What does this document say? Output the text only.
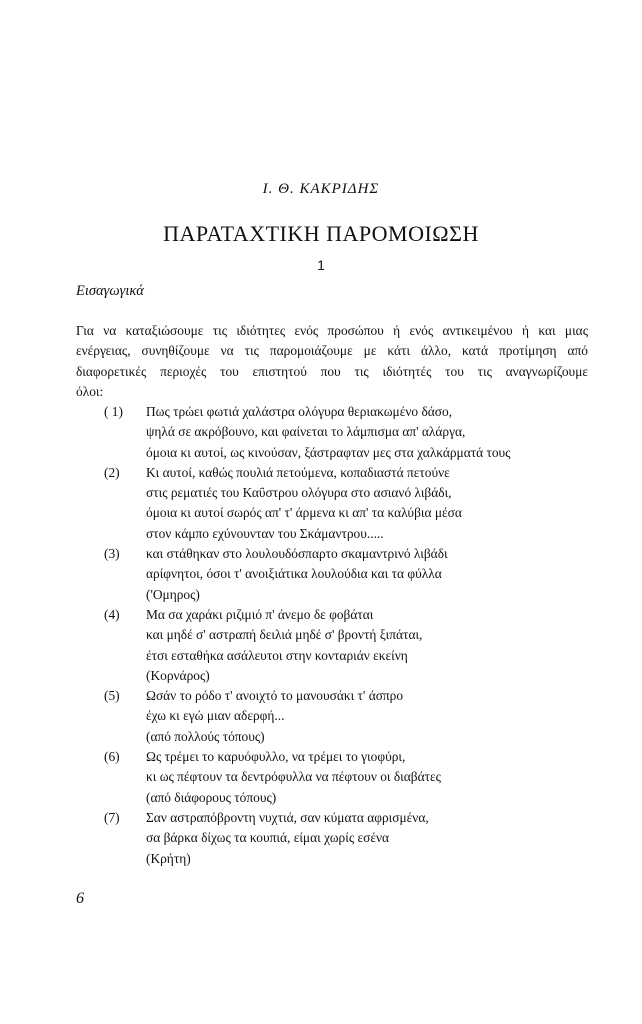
Ι. Θ. ΚΑΚΡΙΔΗΣ
ΠΑΡΑΤΑΧΤΙΚΗ ΠΑΡΟΜΟΙΩΣΗ
1
Εισαγωγικά
Για να καταξιώσουμε τις ιδιότητες ενός προσώπου ή ενός αντικειμένου ή και μιας
ενέργειας, συνηθίζουμε να τις παρομοιάζουμε με κάτι άλλο, κατά προτίμηση από
διαφορετικές περιοχές του επιστητού που τις ιδιότητές του τις αναγνωρίζουμε
όλοι:
( 1)	Πως τρώει φωτιά χαλάστρα ολόγυρα θεριακωμένο δάσο,
ψηλά σε ακρόβουνο, και φαίνεται το λάμπισμα απ' αλάργα,
όμοια κι αυτοί, ως κινούσαν, ξάστραφταν μες στα χαλκάρματά τους
(2)	Κι αυτοί, καθώς πουλιά πετούμενα, κοπαδιαστά πετούνε
στις ρεματιές του Καΰστρου ολόγυρα στο ασιανό λιβάδι,
όμοια κι αυτοί σωρός απ' τ' άρμενα κι απ' τα καλύβια μέσα
στον κάμπο εχύνουνταν του Σκάμαντρου.....
(3)	και στάθηκαν στο λουλουδόσπαρτο σκαμαντρινό λιβάδι
αρίφνητοι, όσοι τ' ανοιξιάτικα λουλούδια και τα φύλλα
('Ομηρος)
(4)	Μα σα χαράκι ριζιμιό π' άνεμο δε φοβάται
και μηδέ σ' αστραπή δειλιά μηδέ σ' βροντή ξιπάται,
έτσι εσταθήκα ασάλευτοι στην κονταριάν εκείνη
(Κορνάρος)
(5)	Ωσάν το ρόδο τ' ανοιχτό το μανουσάκι τ' άσπρο
έχω κι εγώ μιαν αδερφή...
(από πολλούς τόπους)
(6)	Ως τρέμει το καρυόφυλλο, να τρέμει το γιοφύρι,
κι ως πέφτουν τα δεντρόφυλλα να πέφτουν οι διαβάτες
(από διάφορους τόπους)
(7)	Σαν αστραπόβροντη νυχτιά, σαν κύματα αφρισμένα,
σα βάρκα δίχως τα κουπιά, είμαι χωρίς εσένα
(Κρήτη)
6
